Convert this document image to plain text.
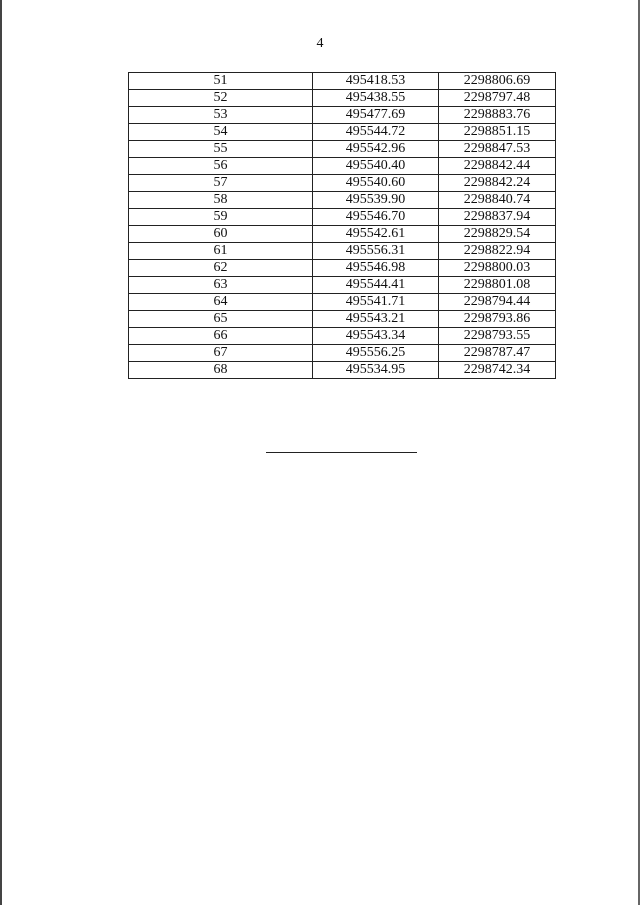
4
51	495418.53	2298806.69
52	495438.55	2298797.48
53	495477.69	2298883.76
54	495544.72	2298851.15
55	495542.96	2298847.53
56	495540.40	2298842.44
57	495540.60	2298842.24
58	495539.90	2298840.74
59	495546.70	2298837.94
60	495542.61	2298829.54
61	495556.31	2298822.94
62	495546.98	2298800.03
63	495544.41	2298801.08
64	495541.71	2298794.44
65	495543.21	2298793.86
66	495543.34	2298793.55
67	495556.25	2298787.47
68	495534.95	2298742.34
